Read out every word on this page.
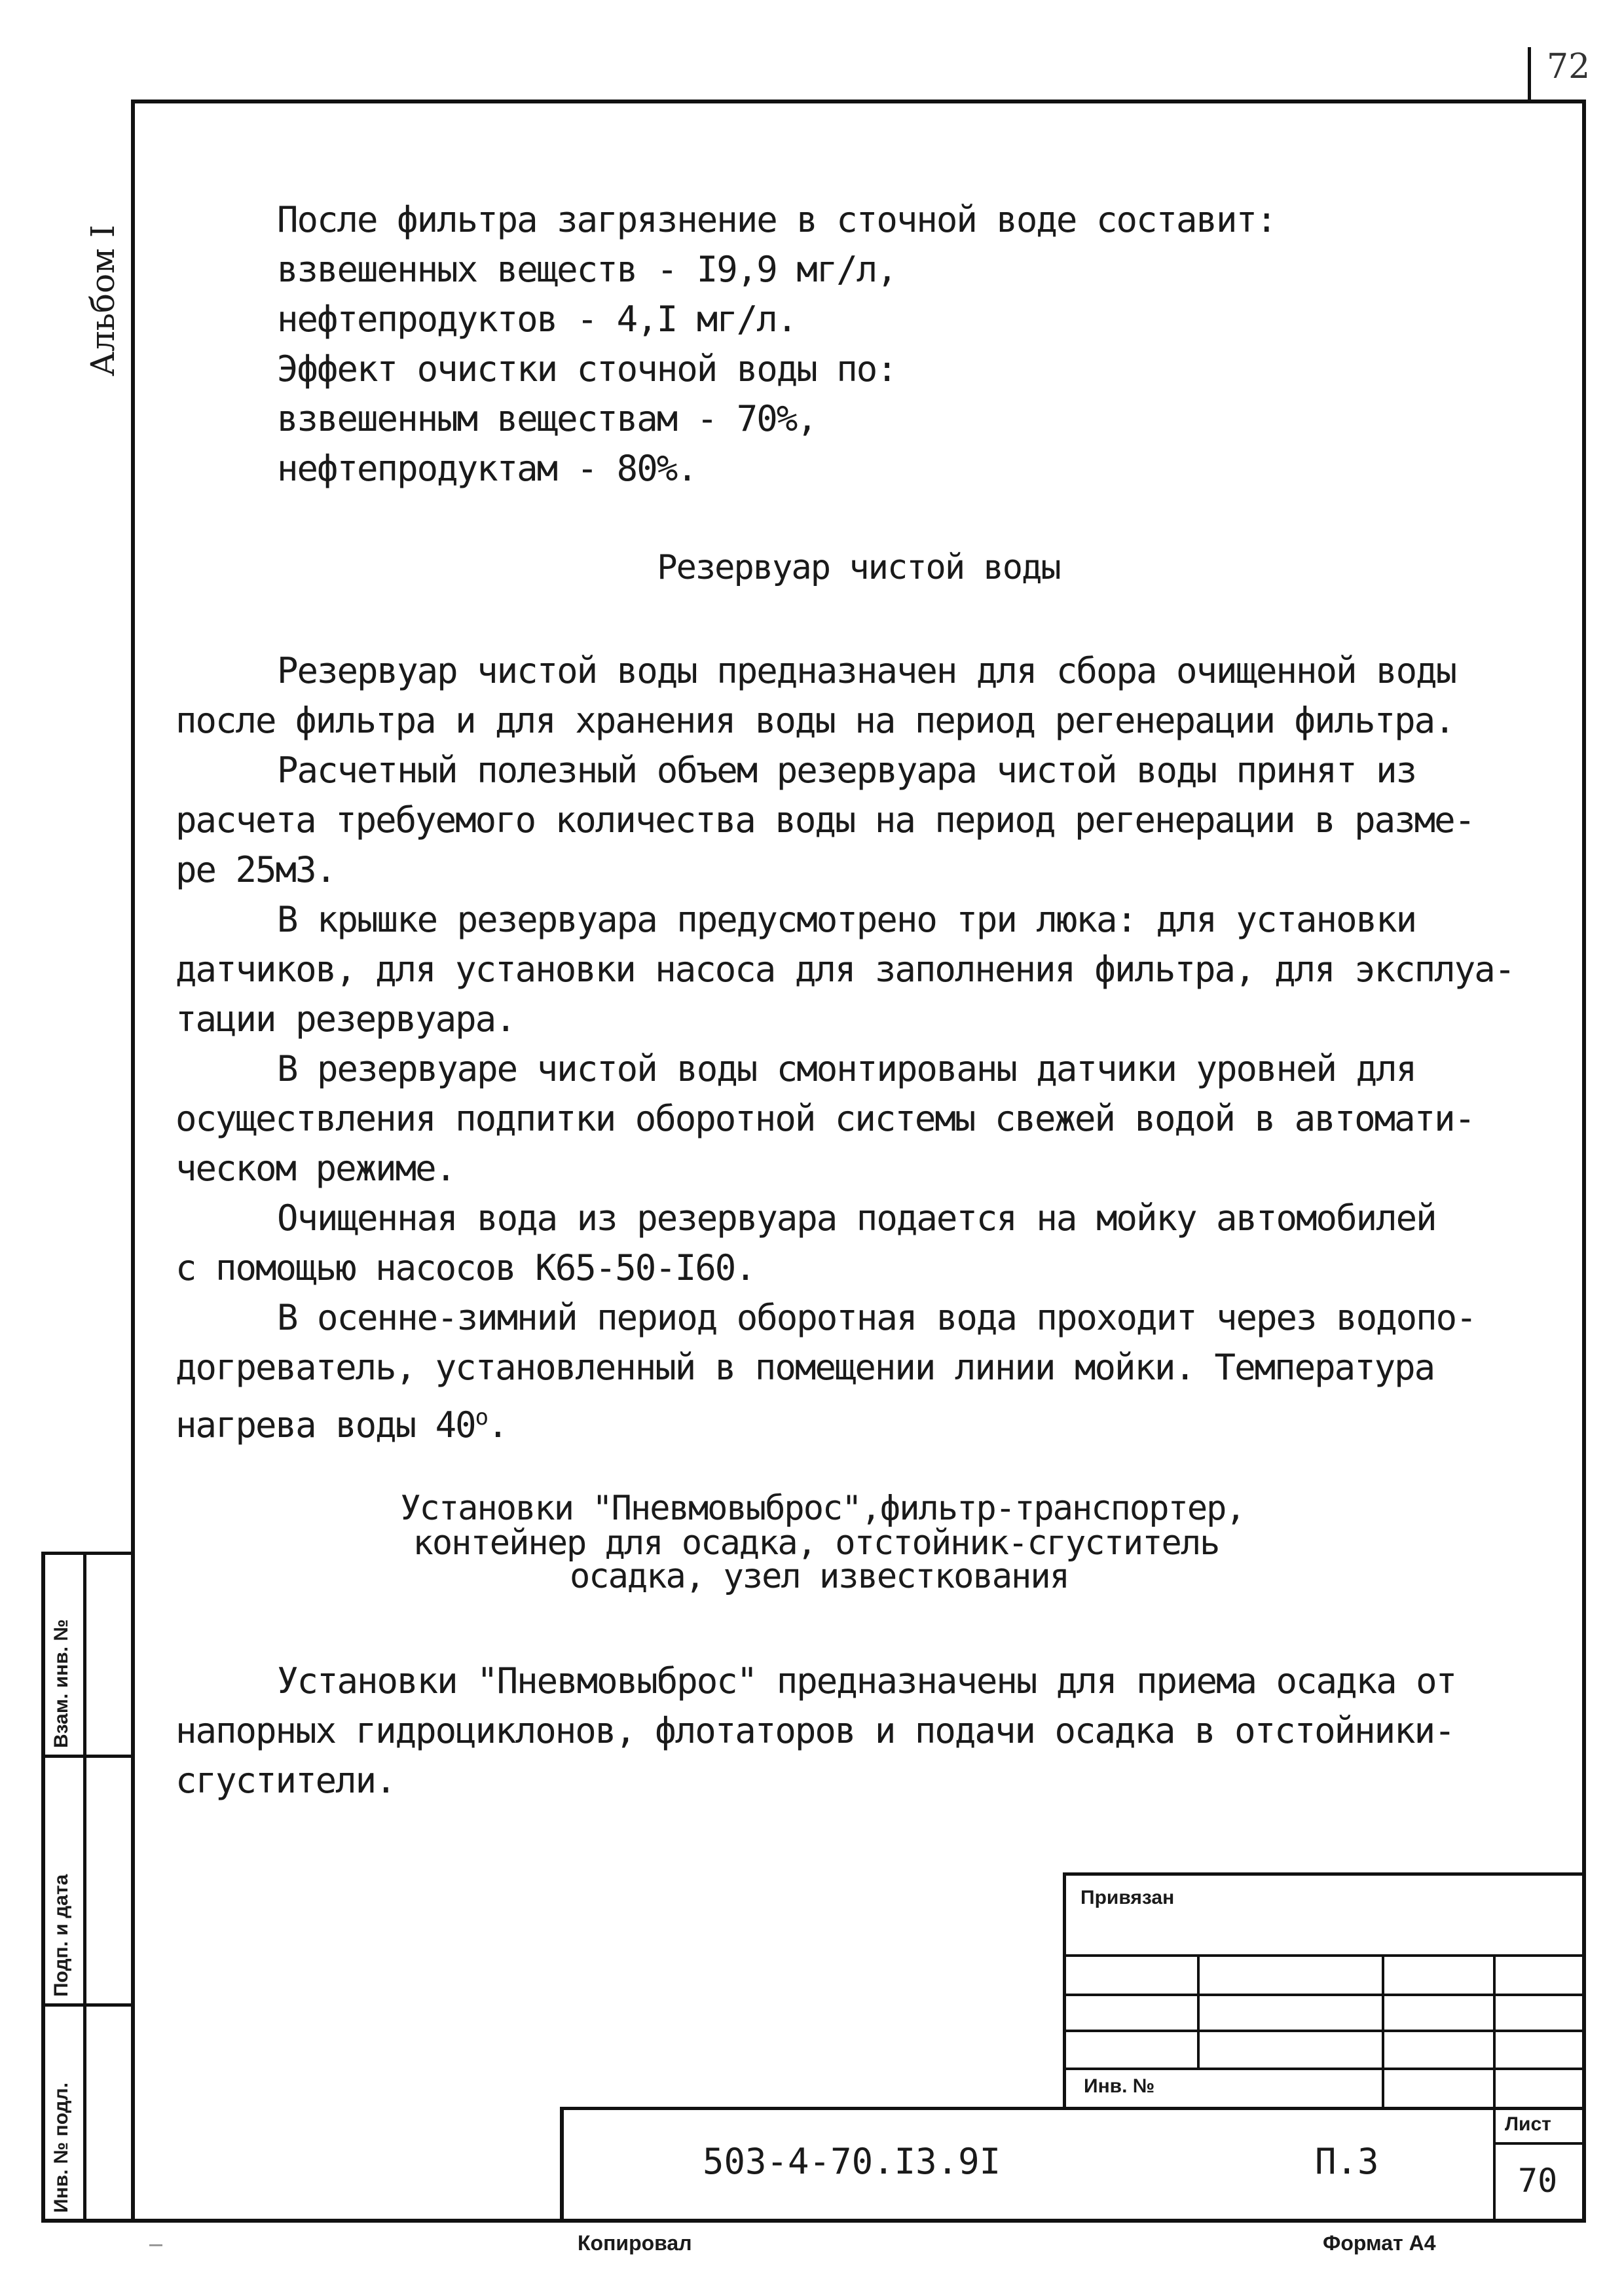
72
Альбом I
После фильтра загрязнение в сточной воде составит:
взвешенных веществ - I9,9 мг/л,
нефтепродуктов - 4,I мг/л.
Эффект очистки сточной воды по:
взвешенным веществам - 70%,
нефтепродуктам - 80%.
Резервуар чистой воды
Резервуар чистой воды предназначен для сбора очищенной воды
после фильтра и для хранения воды на период регенерации фильтра.
Расчетный полезный объем резервуара чистой воды принят из
расчета требуемого количества воды на период регенерации в разме-
ре 25м3.
В крышке резервуара предусмотрено три люка: для установки
датчиков, для установки насоса для заполнения фильтра, для эксплуа-
тации резервуара.
В резервуаре чистой воды смонтированы датчики уровней для
осуществления подпитки оборотной системы свежей водой в автомати-
ческом режиме.
Очищенная вода из резервуара подается на мойку автомобилей
с помощью насосов К65-50-I60.
В осенне-зимний период оборотная вода проходит через водопо-
догреватель, установленный в помещении линии мойки. Температура
нагрева воды $40^о$.
Установки "Пневмовыброс",фильтр-транспортер,
контейнер для осадка, отстойник-сгуститель
осадка, узел известкования
Установки "Пневмовыброс" предназначены для приема осадка от
напорных гидроциклонов, флотаторов и подачи осадка в отстойники-
сгустители.
Взам. инв. №
Подп. и дата
Инв. № подл.
Привязан
Инв. №
503-4-70.I3.9I	П.3
Лист
70
Копировал	Формат А4
